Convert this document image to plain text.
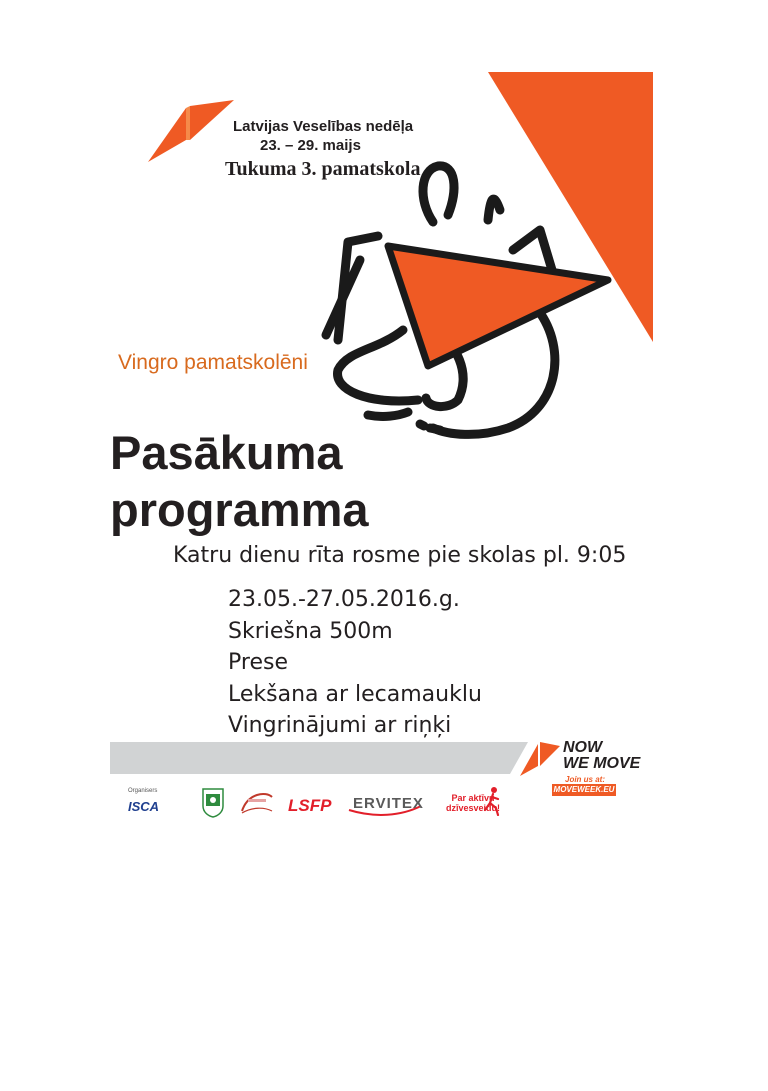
Latvijas Veselības nedēļa
23. – 29. maijs
Tukuma 3. pamatskola
Vingro pamatskolēni
Pasākuma
programma
Katru dienu rīta rosme pie skolas pl. 9:05
23.05.-27.05.2016.g.
Skriešna 500m
Prese
Lekšana ar lecamauklu
Vingrinājumi ar riņķi
NOW
WE MOVE
Join us at:
MOVEWEEK.EU
Organisers
ISCA	LSFP ERVITEX	Par aktīvu
dzīvesveidu!
